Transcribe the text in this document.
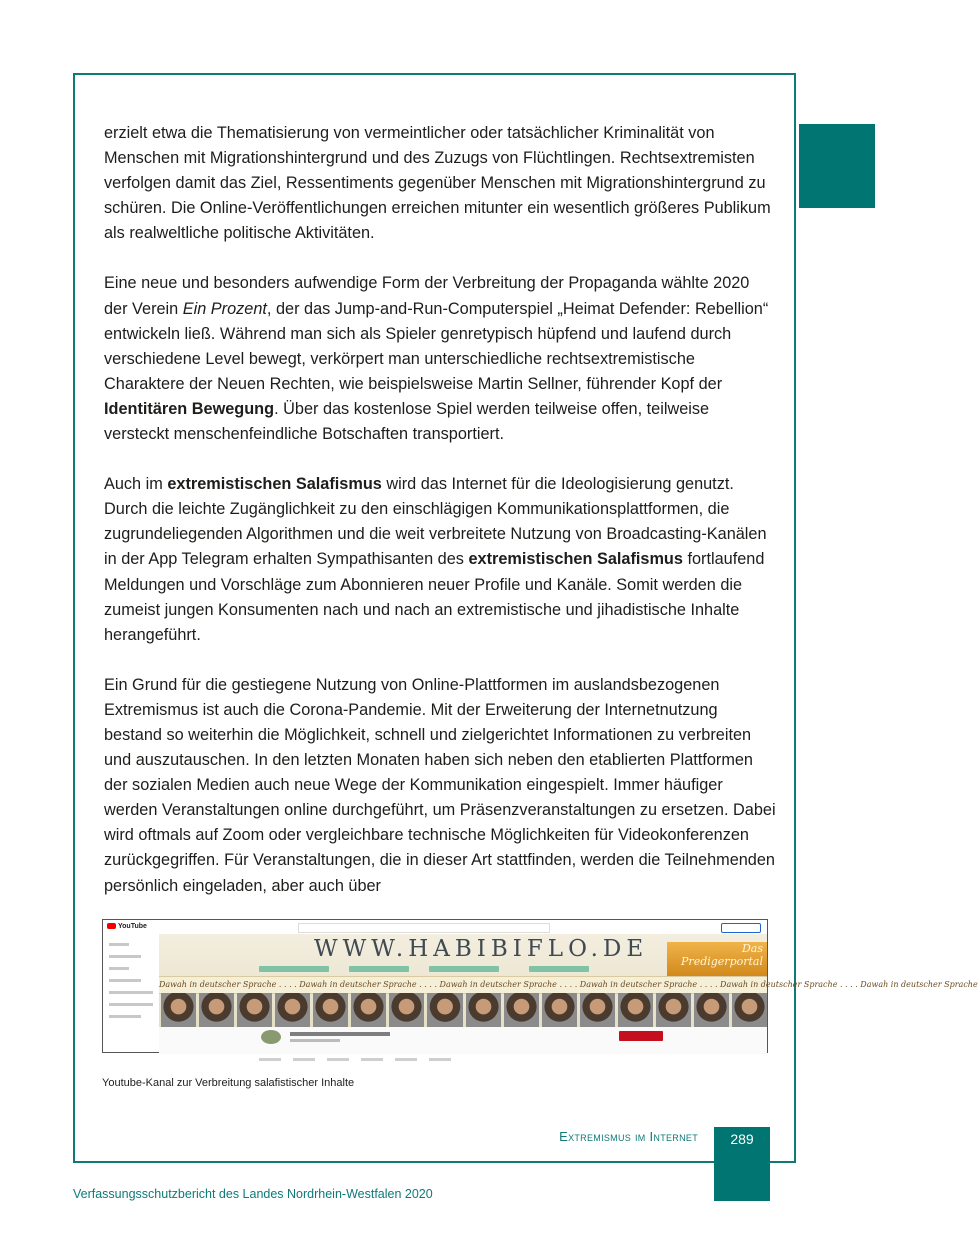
erzielt etwa die Thematisierung von vermeintlicher oder tatsächlicher Kriminalität von Menschen mit Migrationshintergrund und des Zuzugs von Flüchtlingen. Rechtsextremisten verfolgen damit das Ziel, Ressentiments gegenüber Menschen mit Migrationshintergrund zu schüren. Die Online-Veröffentlichungen erreichen mitunter ein wesentlich größeres Publikum als realweltliche politische Aktivitäten.

Eine neue und besonders aufwendige Form der Verbreitung der Propaganda wählte 2020 der Verein Ein Prozent, der das Jump-and-Run-Computerspiel „Heimat Defender: Rebellion“ entwickeln ließ. Während man sich als Spieler genretypisch hüpfend und laufend durch verschiedene Level bewegt, verkörpert man unterschiedliche rechtsextremistische Charaktere der Neuen Rechten, wie beispielsweise Martin Sellner, führender Kopf der Identitären Bewegung. Über das kostenlose Spiel werden teilweise offen, teilweise versteckt menschenfeindliche Botschaften transportiert.

Auch im extremistischen Salafismus wird das Internet für die Ideologisierung genutzt. Durch die leichte Zugänglichkeit zu den einschlägigen Kommunikationsplattformen, die zugrundeliegenden Algorithmen und die weit verbreitete Nutzung von Broadcasting-Kanälen in der App Telegram erhalten Sympathisanten des extremistischen Salafismus fortlaufend Meldungen und Vorschläge zum Abonnieren neuer Profile und Kanäle. Somit werden die zumeist jungen Konsumenten nach und nach an extremistische und jihadistische Inhalte herangeführt.

Ein Grund für die gestiegene Nutzung von Online-Plattformen im auslandsbezogenen Extremismus ist auch die Corona-Pandemie. Mit der Erweiterung der Internetnutzung bestand so weiterhin die Möglichkeit, schnell und zielgerichtet Informationen zu verbreiten und auszutauschen. In den letzten Monaten haben sich neben den etablierten Plattformen der sozialen Medien auch neue Wege der Kommunikation eingespielt. Immer häufiger werden Veranstaltungen online durchgeführt, um Präsenzveranstaltungen zu ersetzen. Dabei wird oftmals auf Zoom oder vergleichbare technische Möglichkeiten für Videokonferenzen zurückgegriffen. Für Veranstaltungen, die in dieser Art stattfinden, werden die Teilnehmenden persönlich eingeladen, aber auch über

YouTube
WWW.HABIBIFLO.DE	Das Predigerportal
Dawah in deutscher Sprache . . . . Dawah in deutscher Sprache . . . . Dawah in deutscher Sprache . . . . Dawah in deutscher Sprache . . . . Dawah in deutscher Sprache . . . . Dawah in deutscher Sprache
Youtube-Kanal zur Verbreitung salafistischer Inhalte
Extremismus im Internet	289
Verfassungsschutzbericht des Landes Nordrhein-Westfalen 2020
